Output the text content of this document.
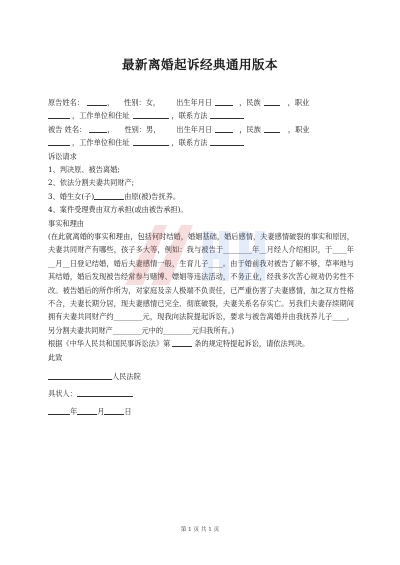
最新离婚起诉经典通用版本
原告姓名：	， 性别：女， 出生年月日	，民族	，职业
，工作单位和住址	，联系方法
被告 姓名：	， 性别：男， 出生年月日	，民族	，职业
，工作单位和住址	，联系方法
诉讼请求
1、判决原、被告离婚;
2、依法分割夫妻共同财产;
3、婚生女(子)	由原(被)告抚养。
4、案件受理费由双方承担(或由被告承担)。
事实和理由
(在此就离婚的事实和理由，包括何时结婚，婚姻基础，婚后感情，夫妻感情破裂的事实和原因，夫妻共同财产有哪些，孩子多大等，例如：我与被告于________年__月经人介绍相识，于____年__月__日登记结婚，婚后夫妻感情一般，生育儿子____。由于婚前我对被告了解不够，草率地与其结婚，婚后发现被告经常参与赌博、嫖娼等违法活动，不务正业，经我多次苦心规劝仍劣性不改。被告婚后的所作所为，对家庭及亲人极端不负责任，已严重伤害了夫妻感情，加之双方性格不合，夫妻长期分居，现夫妻感情已完全、彻底破裂，夫妻关系名存实亡。另我们夫妻存续期间拥有夫妻共同财产约________元，现我向法院提起诉讼，要求与被告离婚并由我抚养儿子____，另分割夫妻共同财产________元中的________元归我所有。)
根据《中华人民共和国民事诉讼法》第	条的规定特提起诉讼，请依法判决。
此致
人民法院
具状人：
年	月	日
第 1 页 共 1 页
